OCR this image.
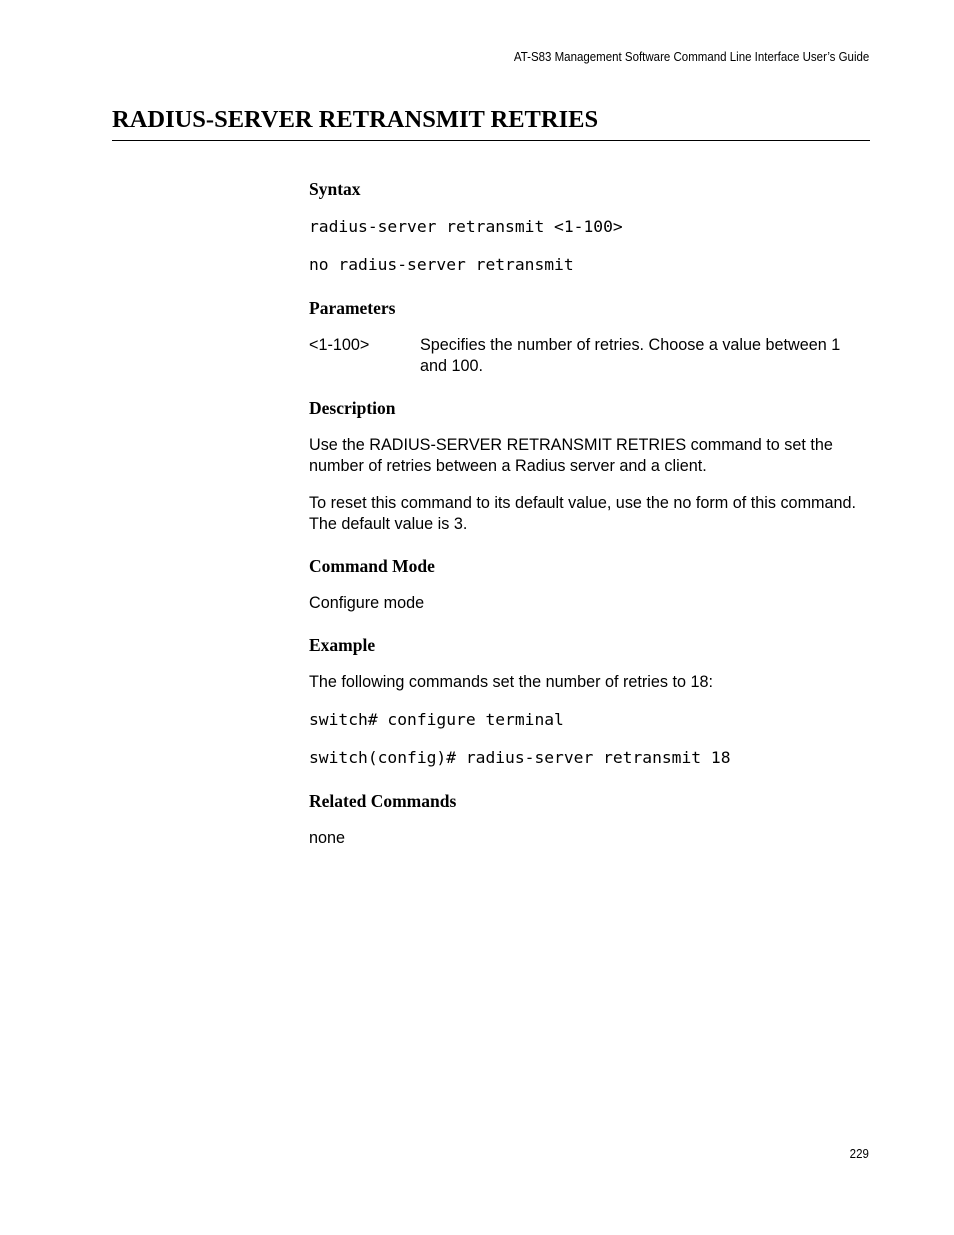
AT-S83 Management Software Command Line Interface User’s Guide
RADIUS-SERVER RETRANSMIT RETRIES
Syntax
radius-server retransmit <1-100>
no radius-server retransmit
Parameters
<1-100>	Specifies the number of retries. Choose a value between 1 and 100.
Description

Use the RADIUS-SERVER RETRANSMIT RETRIES command to set the number of retries between a Radius server and a client.

To reset this command to its default value, use the no form of this command. The default value is 3.

Command Mode

Configure mode

Example

The following commands set the number of retries to 18:

switch# configure terminal
switch(config)# radius-server retransmit 18
Related Commands

none

229
